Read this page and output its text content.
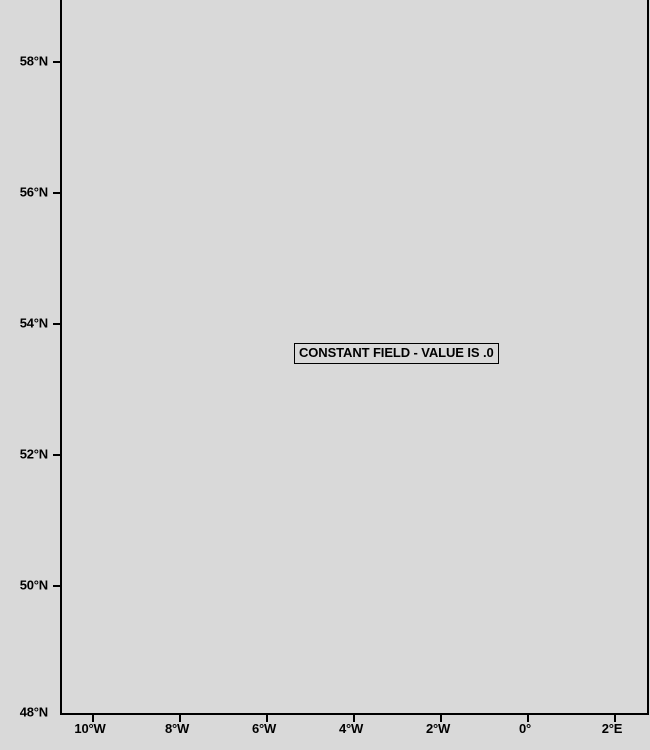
CONSTANT FIELD - VALUE IS .0
10°W	8°W	6°W	4°W	2°W	0°	2°E
58°N
56°N
54°N
52°N
50°N
48°N
